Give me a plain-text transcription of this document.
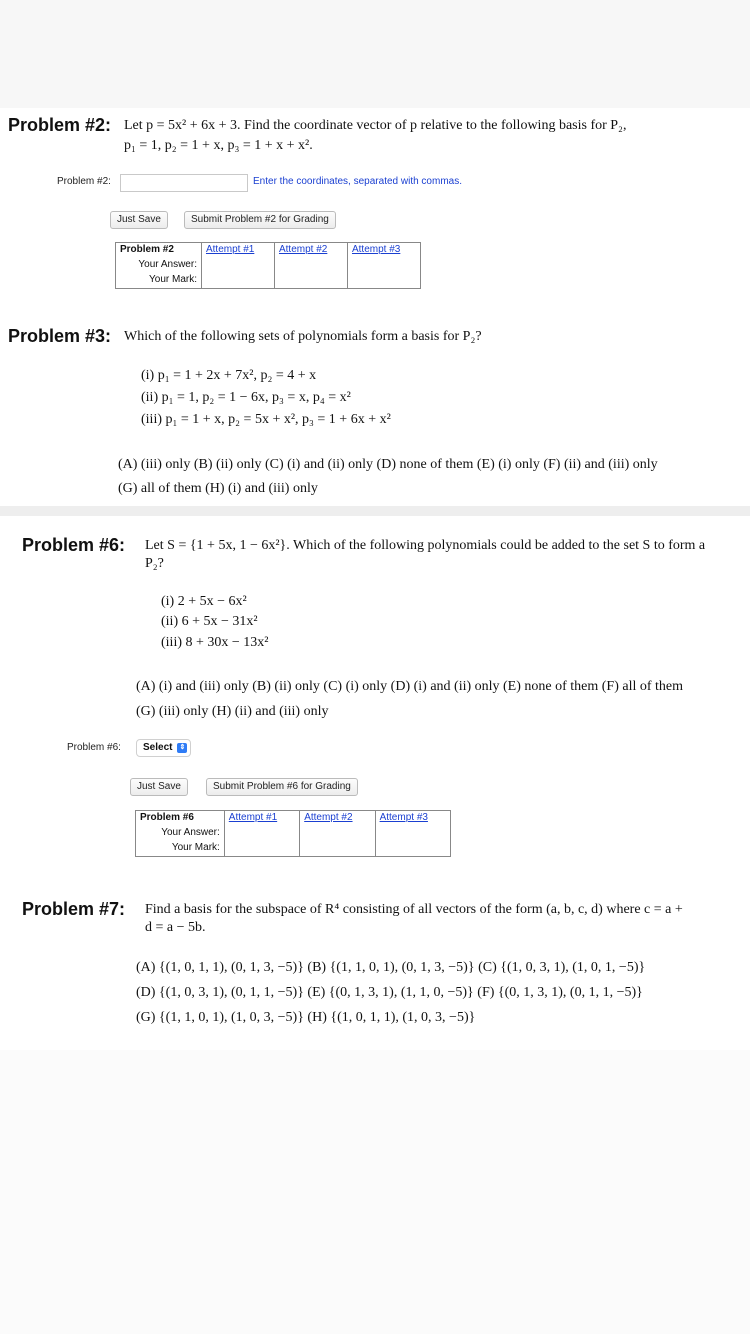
Problem #2: Let p = 5x² + 6x + 3. Find the coordinate vector of p relative to the following basis for P₂,
p₁ = 1, p₂ = 1 + x, p₃ = 1 + x + x².
Problem #2:	Enter the coordinates, separated with commas.
Just Save	Submit Problem #2 for Grading
Problem #2	Attempt #1	Attempt #2	Attempt #3
Your Answer:
Your Mark:
Problem #3: Which of the following sets of polynomials form a basis for P₂?
(i) p₁ = 1 + 2x + 7x², p₂ = 4 + x
(ii) p₁ = 1, p₂ = 1 − 6x, p₃ = x, p₄ = x²
(iii) p₁ = 1 + x, p₂ = 5x + x², p₃ = 1 + 6x + x²
(A) (iii) only (B) (ii) only (C) (i) and (ii) only (D) none of them (E) (i) only (F) (ii) and (iii) only
(G) all of them (H) (i) and (iii) only
Problem #6: Let S = {1 + 5x, 1 − 6x²}. Which of the following polynomials could be added to the set S to form a
P₂?
(i) 2 + 5x − 6x²
(ii) 6 + 5x − 31x²
(iii) 8 + 30x − 13x²
(A) (i) and (iii) only (B) (ii) only (C) (i) only (D) (i) and (ii) only (E) none of them (F) all of them
(G) (iii) only (H) (ii) and (iii) only
Problem #6:	Select ⇕
Just Save	Submit Problem #6 for Grading
Problem #6	Attempt #1	Attempt #2	Attempt #3
Your Answer:
Your Mark:
Problem #7: Find a basis for the subspace of R⁴ consisting of all vectors of the form (a, b, c, d) where c = a +
d = a − 5b.
(A) {(1, 0, 1, 1), (0, 1, 3, −5)} (B) {(1, 1, 0, 1), (0, 1, 3, −5)} (C) {(1, 0, 3, 1), (1, 0, 1, −5)}
(D) {(1, 0, 3, 1), (0, 1, 1, −5)} (E) {(0, 1, 3, 1), (1, 1, 0, −5)} (F) {(0, 1, 3, 1), (0, 1, 1, −5)}
(G) {(1, 1, 0, 1), (1, 0, 3, −5)} (H) {(1, 0, 1, 1), (1, 0, 3, −5)}
